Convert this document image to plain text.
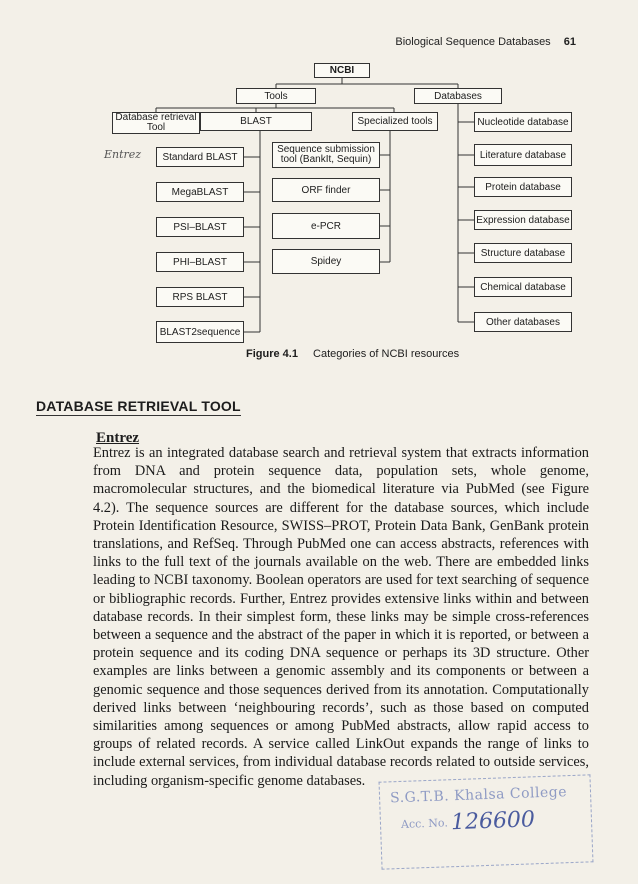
Biological Sequence Databases 61
NCBI
Tools	Databases
Database retrieval Tool
BLAST	Specialized tools
Standard BLAST
MegaBLAST
PSI–BLAST
PHI–BLAST
RPS BLAST
BLAST2sequence
Sequence submission tool (BankIt, Sequin)
ORF finder
e-PCR
Spidey
Nucleotide database
Literature database
Protein database
Expression database
Structure database
Chemical database
Other databases
Entrez
Figure 4.1 Categories of NCBI resources
DATABASE RETRIEVAL TOOL
Entrez
Entrez is an integrated database search and retrieval system that extracts information from DNA and protein sequence data, population sets, whole genome, macromolecular structures, and the biomedical literature via PubMed (see Figure 4.2). The sequence sources are different for the database sources, which include Protein Identification Resource, SWISS–PROT, Protein Data Bank, GenBank protein translations, and RefSeq. Through PubMed one can access abstracts, references with links to the full text of the journals available on the web. There are embedded links leading to NCBI taxonomy. Boolean operators are used for text searching of sequence or bibliographic records. Further, Entrez provides extensive links within and between database records. In their simplest form, these links may be simple cross-references between a sequence and the abstract of the paper in which it is reported, or between a protein sequence and its coding DNA sequence or perhaps its 3D structure. Other examples are links between a genomic assembly and its components or between a genomic sequence and those sequences derived from its annotation. Computationally derived links between ‘neighbouring records’, such as those based on computed similarities among sequences or among PubMed abstracts, allow rapid access to groups of related records. A service called LinkOut expands the range of links to include external services, from individual database records related to outside services, including organism-specific genome databases.
S.G.T.B. Khalsa College
Acc. No. 126600
